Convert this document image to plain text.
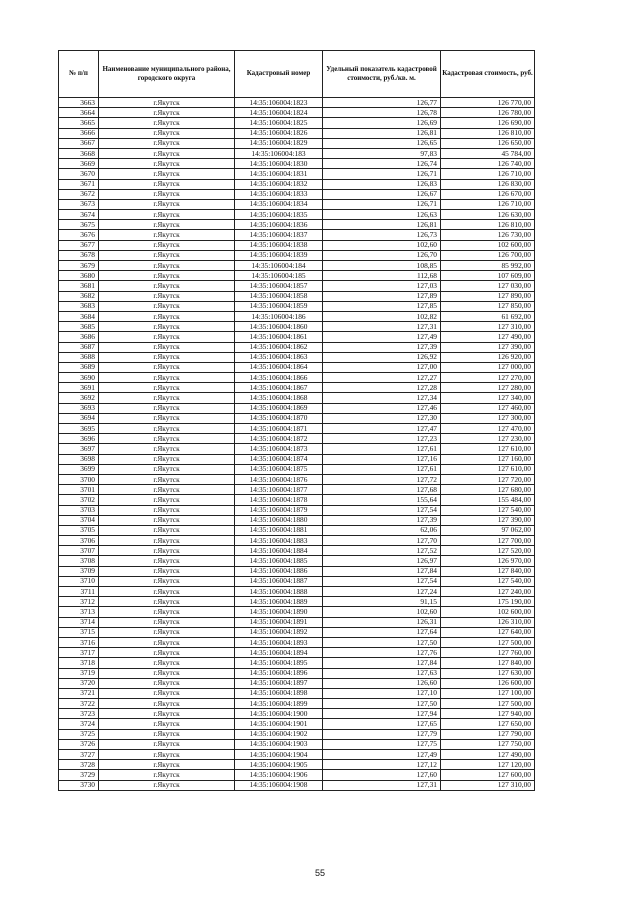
№ п/п	Наименование муниципального района, городского округа	Кадастровый номер	Удельный показатель кадастровой стоимости, руб./кв. м.	Кадастровая стоимость, руб.
3663	г.Якутск	14:35:106004:1823	126,77	126 770,00
3664	г.Якутск	14:35:106004:1824	126,78	126 780,00
3665	г.Якутск	14:35:106004:1825	126,69	126 690,00
3666	г.Якутск	14:35:106004:1826	126,81	126 810,00
3667	г.Якутск	14:35:106004:1829	126,65	126 650,00
3668	г.Якутск	14:35:106004:183	97,83	45 784,00
3669	г.Якутск	14:35:106004:1830	126,74	126 740,00
3670	г.Якутск	14:35:106004:1831	126,71	126 710,00
3671	г.Якутск	14:35:106004:1832	126,83	126 830,00
3672	г.Якутск	14:35:106004:1833	126,67	126 670,00
3673	г.Якутск	14:35:106004:1834	126,71	126 710,00
3674	г.Якутск	14:35:106004:1835	126,63	126 630,00
3675	г.Якутск	14:35:106004:1836	126,81	126 810,00
3676	г.Якутск	14:35:106004:1837	126,73	126 730,00
3677	г.Якутск	14:35:106004:1838	102,60	102 600,00
3678	г.Якутск	14:35:106004:1839	126,70	126 700,00
3679	г.Якутск	14:35:106004:184	108,85	85 992,00
3680	г.Якутск	14:35:106004:185	112,68	107 609,00
3681	г.Якутск	14:35:106004:1857	127,03	127 030,00
3682	г.Якутск	14:35:106004:1858	127,89	127 890,00
3683	г.Якутск	14:35:106004:1859	127,85	127 850,00
3684	г.Якутск	14:35:106004:186	102,82	61 692,00
3685	г.Якутск	14:35:106004:1860	127,31	127 310,00
3686	г.Якутск	14:35:106004:1861	127,49	127 490,00
3687	г.Якутск	14:35:106004:1862	127,39	127 390,00
3688	г.Якутск	14:35:106004:1863	126,92	126 920,00
3689	г.Якутск	14:35:106004:1864	127,00	127 000,00
3690	г.Якутск	14:35:106004:1866	127,27	127 270,00
3691	г.Якутск	14:35:106004:1867	127,28	127 280,00
3692	г.Якутск	14:35:106004:1868	127,34	127 340,00
3693	г.Якутск	14:35:106004:1869	127,46	127 460,00
3694	г.Якутск	14:35:106004:1870	127,30	127 300,00
3695	г.Якутск	14:35:106004:1871	127,47	127 470,00
3696	г.Якутск	14:35:106004:1872	127,23	127 230,00
3697	г.Якутск	14:35:106004:1873	127,61	127 610,00
3698	г.Якутск	14:35:106004:1874	127,16	127 160,00
3699	г.Якутск	14:35:106004:1875	127,61	127 610,00
3700	г.Якутск	14:35:106004:1876	127,72	127 720,00
3701	г.Якутск	14:35:106004:1877	127,68	127 680,00
3702	г.Якутск	14:35:106004:1878	155,64	155 484,00
3703	г.Якутск	14:35:106004:1879	127,54	127 540,00
3704	г.Якутск	14:35:106004:1880	127,39	127 390,00
3705	г.Якутск	14:35:106004:1881	62,06	97 062,00
3706	г.Якутск	14:35:106004:1883	127,70	127 700,00
3707	г.Якутск	14:35:106004:1884	127,52	127 520,00
3708	г.Якутск	14:35:106004:1885	126,97	126 970,00
3709	г.Якутск	14:35:106004:1886	127,84	127 840,00
3710	г.Якутск	14:35:106004:1887	127,54	127 540,00
3711	г.Якутск	14:35:106004:1888	127,24	127 240,00
3712	г.Якутск	14:35:106004:1889	91,15	175 190,00
3713	г.Якутск	14:35:106004:1890	102,60	102 600,00
3714	г.Якутск	14:35:106004:1891	126,31	126 310,00
3715	г.Якутск	14:35:106004:1892	127,64	127 640,00
3716	г.Якутск	14:35:106004:1893	127,50	127 500,00
3717	г.Якутск	14:35:106004:1894	127,76	127 760,00
3718	г.Якутск	14:35:106004:1895	127,84	127 840,00
3719	г.Якутск	14:35:106004:1896	127,63	127 630,00
3720	г.Якутск	14:35:106004:1897	126,60	126 600,00
3721	г.Якутск	14:35:106004:1898	127,10	127 100,00
3722	г.Якутск	14:35:106004:1899	127,50	127 500,00
3723	г.Якутск	14:35:106004:1900	127,94	127 940,00
3724	г.Якутск	14:35:106004:1901	127,65	127 650,00
3725	г.Якутск	14:35:106004:1902	127,79	127 790,00
3726	г.Якутск	14:35:106004:1903	127,75	127 750,00
3727	г.Якутск	14:35:106004:1904	127,49	127 490,00
3728	г.Якутск	14:35:106004:1905	127,12	127 120,00
3729	г.Якутск	14:35:106004:1906	127,60	127 600,00
3730	г.Якутск	14:35:106004:1908	127,31	127 310,00
55
